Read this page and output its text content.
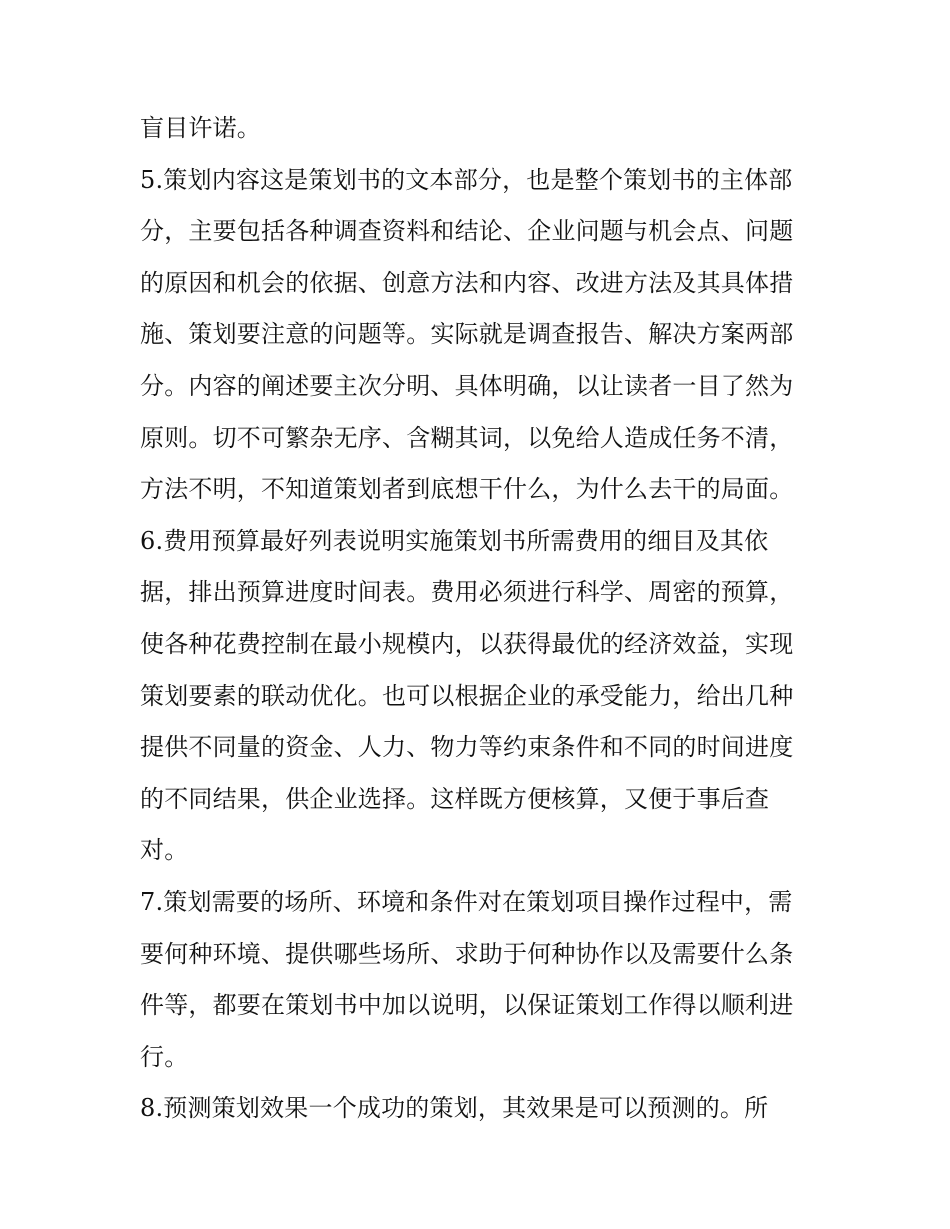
盲目许诺。
5.策划内容这是策划书的文本部分，也是整个策划书的主体部
分，主要包括各种调查资料和结论、企业问题与机会点、问题
的原因和机会的依据、创意方法和内容、改进方法及其具体措
施、策划要注意的问题等。实际就是调查报告、解决方案两部
分。内容的阐述要主次分明、具体明确，以让读者一目了然为
原则。切不可繁杂无序、含糊其词，以免给人造成任务不清，
方法不明，不知道策划者到底想干什么，为什么去干的局面。
6.费用预算最好列表说明实施策划书所需费用的细目及其依
据，排出预算进度时间表。费用必须进行科学、周密的预算，
使各种花费控制在最小规模内，以获得最优的经济效益，实现
策划要素的联动优化。也可以根据企业的承受能力，给出几种
提供不同量的资金、人力、物力等约束条件和不同的时间进度
的不同结果，供企业选择。这样既方便核算，又便于事后查
对。
7.策划需要的场所、环境和条件对在策划项目操作过程中，需
要何种环境、提供哪些场所、求助于何种协作以及需要什么条
件等，都要在策划书中加以说明，以保证策划工作得以顺利进
行。
8.预测策划效果一个成功的策划，其效果是可以预测的。所
